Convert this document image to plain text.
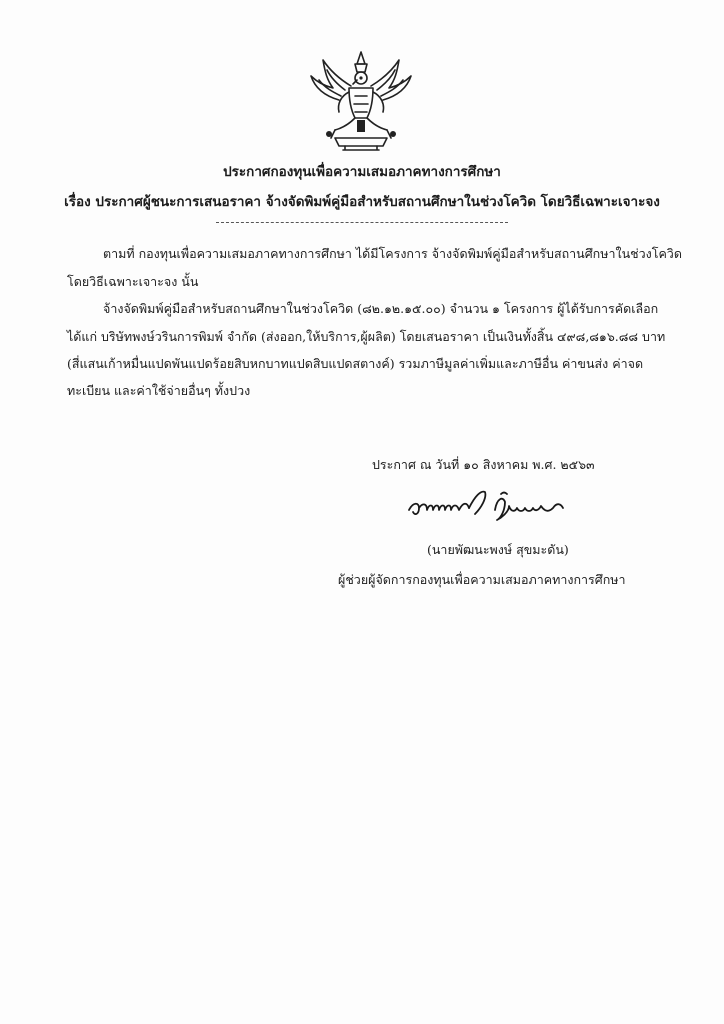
ประกาศกองทุนเพื่อความเสมอภาคทางการศึกษา
เรื่อง ประกาศผู้ชนะการเสนอราคา จ้างจัดพิมพ์คู่มือสำหรับสถานศึกษาในช่วงโควิด โดยวิธีเฉพาะเจาะจง
ตามที่ กองทุนเพื่อความเสมอภาคทางการศึกษา ได้มีโครงการ จ้างจัดพิมพ์คู่มือสำหรับสถานศึกษาในช่วงโควิด
โดยวิธีเฉพาะเจาะจง นั้น
จ้างจัดพิมพ์คู่มือสำหรับสถานศึกษาในช่วงโควิด (๘๒.๑๒.๑๕.๐๐) จำนวน ๑ โครงการ ผู้ได้รับการคัดเลือก
ได้แก่ บริษัทพงษ์วรินการพิมพ์ จำกัด (ส่งออก,ให้บริการ,ผู้ผลิต) โดยเสนอราคา เป็นเงินทั้งสิ้น ๔๙๘,๘๑๖.๘๘ บาท
(สี่แสนเก้าหมื่นแปดพันแปดร้อยสิบหกบาทแปดสิบแปดสตางค์) รวมภาษีมูลค่าเพิ่มและภาษีอื่น ค่าขนส่ง ค่าจด
ทะเบียน และค่าใช้จ่ายอื่นๆ ทั้งปวง
ประกาศ ณ วันที่ ๑๐ สิงหาคม พ.ศ. ๒๕๖๓
(นายพัฒนะพงษ์ สุขมะดัน)
ผู้ช่วยผู้จัดการกองทุนเพื่อความเสมอภาคทางการศึกษา
